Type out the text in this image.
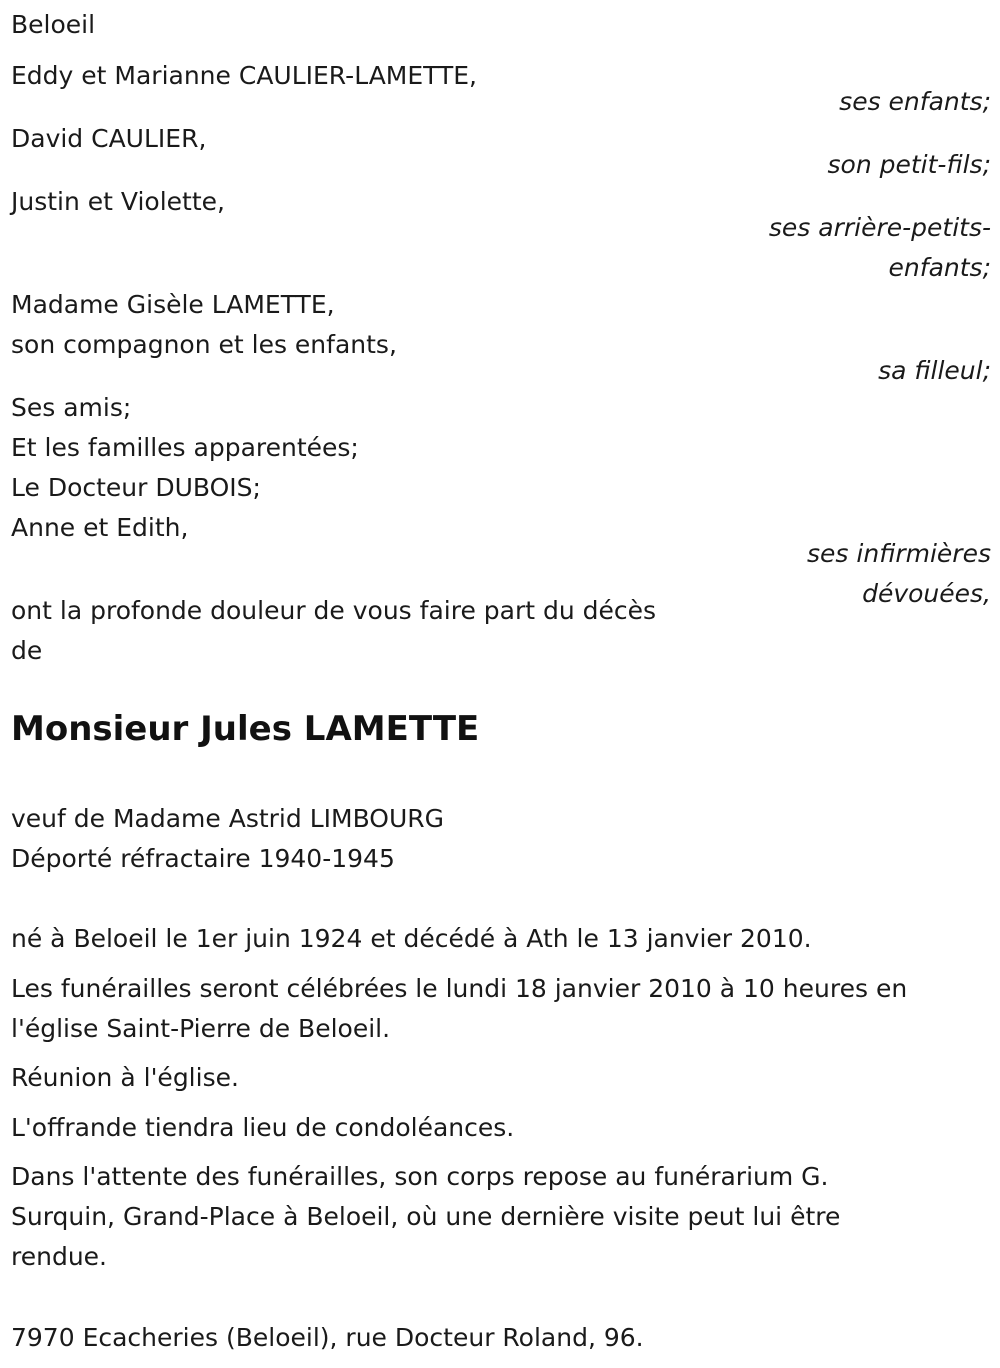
Beloeil
Eddy et Marianne CAULIER-LAMETTE,
ses enfants;
David CAULIER,
son petit-fils;
Justin et Violette,
ses arrière-petits-
enfants;
Madame Gisèle LAMETTE,
son compagnon et les enfants,
sa filleul;
Ses amis;
Et les familles apparentées;
Le Docteur DUBOIS;
Anne et Edith,
ses infirmières
dévouées,
ont la profonde douleur de vous faire part du décès
de
Monsieur Jules LAMETTE
veuf de Madame Astrid LIMBOURG
Déporté réfractaire 1940-1945
né à Beloeil le 1er juin 1924 et décédé à Ath le 13 janvier 2010.
Les funérailles seront célébrées le lundi 18 janvier 2010 à 10 heures en
l'église Saint-Pierre de Beloeil.
Réunion à l'église.
L'offrande tiendra lieu de condoléances.
Dans l'attente des funérailles, son corps repose au funérarium G.
Surquin, Grand-Place à Beloeil, où une dernière visite peut lui être
rendue.
7970 Ecacheries (Beloeil), rue Docteur Roland, 96.
